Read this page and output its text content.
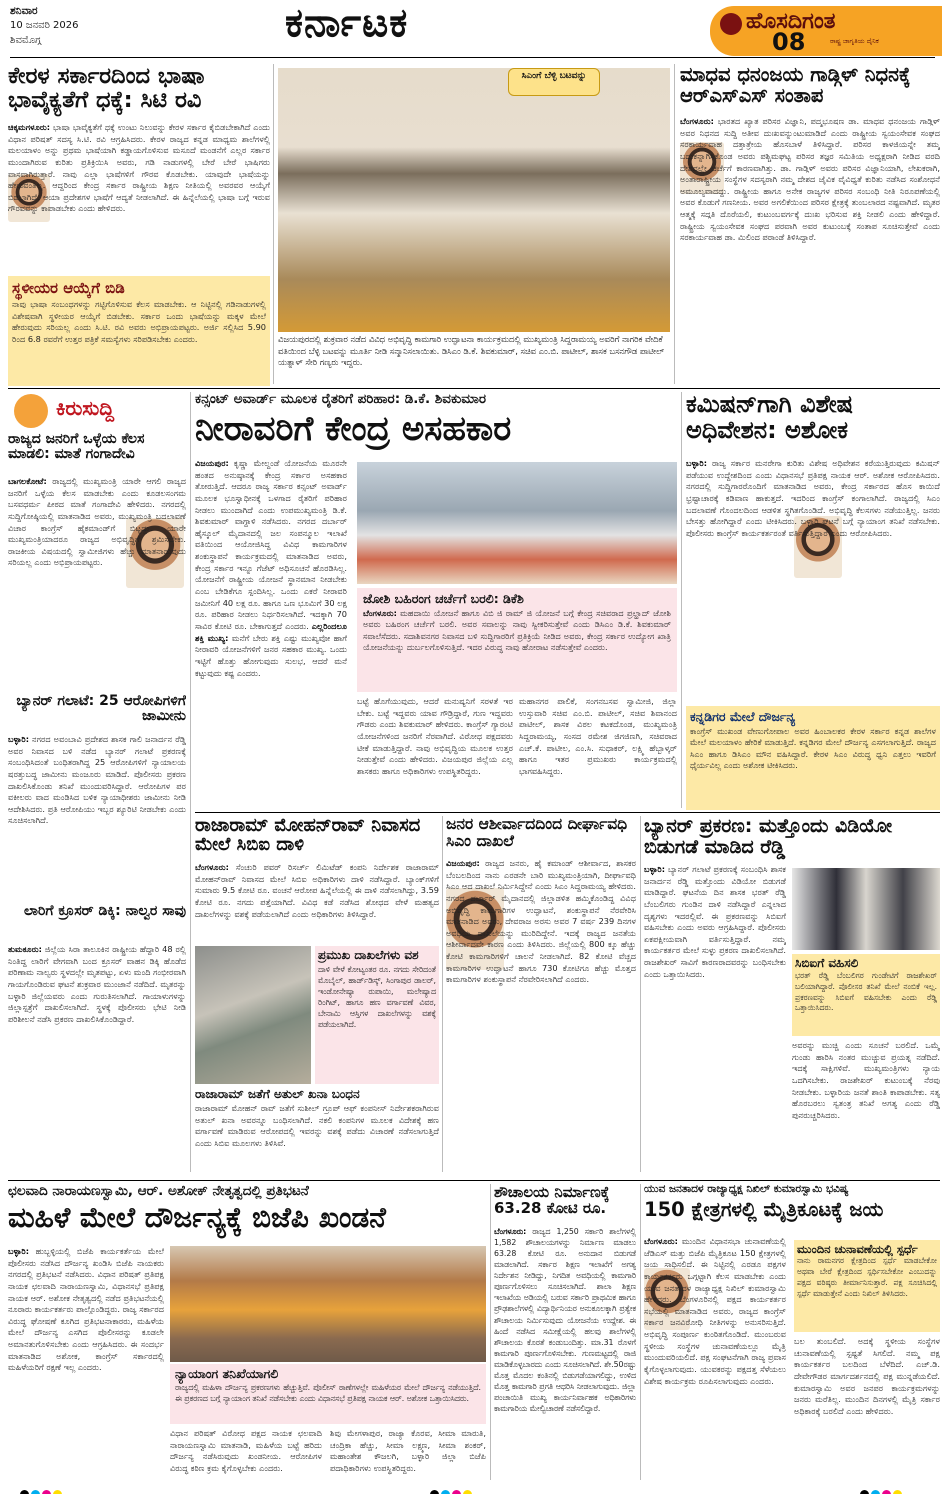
ಶನಿವಾರ
10 ಜನವರಿ 2026
ಶಿವಮೊಗ್ಗ	ಕರ್ನಾಟಕ	ಹೊಸದಿಗಂತ
ರಾಷ್ಟ್ರ ಜಾಗೃತಿಯ ದೈನಿಕ
08
ಕೇರಳ ಸರ್ಕಾರದಿಂದ ಭಾಷಾ ಭಾವೈಕ್ಯತೆಗೆ ಧಕ್ಕೆ: ಸಿಟಿ ರವಿ
ಚಿಕ್ಕಮಗಳೂರು: ಭಾಷಾ ಭಾವೈಕ್ಯತೆಗೆ ಧಕ್ಕೆ ಉಂಟು ನಿಲುವನ್ನು ಕೇರಳ ಸರ್ಕಾರ ಕೈಬಿಡಬೇಕಾಗಿದೆ ಎಂದು ವಿಧಾನ ಪರಿಷತ್ ಸದಸ್ಯ ಸಿ.ಟಿ. ರವಿ ಆಗ್ರಹಿಸಿದರು. ಕೇರಳ ರಾಜ್ಯದ ಕನ್ನಡ ಮಾಧ್ಯಮ ಶಾಲೆಗಳಲ್ಲಿ ಮಲಯಾಳಂ ಅನ್ನು ಪ್ರಥಮ ಭಾಷೆಯಾಗಿ ಕಡ್ಡಾಯಗೊಳಿಸುವ ಮಸೂದೆ ಮಂಡನೆಗೆ ಎಲ್ಲರ ಸರ್ಕಾರ ಮುಂದಾಗಿರುವ ಕುರಿತು ಪ್ರತಿಕ್ರಿಯಿಸಿ ಅವರು, ಗಡಿ ನಾಡುಗಳಲ್ಲಿ ಬೇರೆ ಬೇರೆ ಭಾಷಿಗರು ವಾಸವಾಗಿರುತ್ತಾರೆ. ನಾವು ಎಲ್ಲಾ ಭಾಷೆಗಳಿಗೆ ಗೌರವ ಕೊಡಬೇಕು. ಯಾವುದೇ ಭಾಷೆಯನ್ನು ಹೇರುವಂತಿಲ್ಲ. ಆದ್ದರಿಂದ ಕೇಂದ್ರ ಸರ್ಕಾರ ರಾಷ್ಟ್ರೀಯ ಶಿಕ್ಷಣ ನೀತಿಯಲ್ಲಿ ಅವರವರ ಆಯ್ಕೆಗೆ ಬಿಡಲಾಗಿದೆ. ಆಯಾ ಪ್ರದೇಶಗಳ ಭಾಷೆಗೆ ಆದ್ಯತೆ ನೀಡಲಾಗಿದೆ. ಈ ಹಿನ್ನೆಲೆಯಲ್ಲಿ ಭಾಷಾ ಬಗ್ಗೆ ಇರುವ ಗೌರವವನ್ನು ಕಾಪಾಡಬೇಕು ಎಂದು ಹೇಳಿದರು.
ಸ್ಥಳೀಯರ ಆಯ್ಕೆಗೆ ಬಿಡಿ
ನಾವು ಭಾಷಾ ಸಂಬಂಧಗಳನ್ನು ಗಟ್ಟಿಗೊಳಿಸುವ ಕೆಲಸ ಮಾಡಬೇಕು. ಆ ನಿಟ್ಟಿನಲ್ಲಿ ಗಡಿನಾಡುಗಳಲ್ಲಿ ವಿಶೇಷವಾಗಿ ಸ್ಥಳೀಯರ ಆಯ್ಕೆಗೆ ಬಿಡಬೇಕು. ಸರ್ಕಾರ ಒಂದು ಭಾಷೆಯನ್ನು ಮಕ್ಕಳ ಮೇಲೆ ಹೇರುವುದು ಸರಿಯಲ್ಲ ಎಂದು ಸಿ.ಟಿ. ರವಿ ಅವರು ಅಭಿಪ್ರಾಯಪಟ್ಟರು. ಅರ್ಜಿ ಸಲ್ಲಿಸಿದ 5.90 ರಿಂದ 6.8 ರವರೆಗೆ ಉತ್ತರ ಪತ್ರಿಕೆ ಸಮಸ್ಯೆಗಳು ಸರಿಪಡಿಸಬೇಕು ಎಂದರು.
ಸಿಎಂಗೆ ಬೆಳ್ಳಿ ಬಟವನ್ನು
ವಿಜಯಪುರದಲ್ಲಿ ಶುಕ್ರವಾರ ನಡೆದ ವಿವಿಧ ಅಭಿವೃದ್ಧಿ ಕಾಮಗಾರಿ ಉದ್ಘಾಟನಾ ಕಾರ್ಯಕ್ರಮದಲ್ಲಿ ಮುಖ್ಯಮಂತ್ರಿ ಸಿದ್ದರಾಮಯ್ಯ ಅವರಿಗೆ ನಾಗರಿಕ ವೇದಿಕೆ ವತಿಯಿಂದ ಬೆಳ್ಳಿ ಬಟವನ್ನು ಮೂರ್ತಿ ನೀಡಿ ಸನ್ಮಾನಿಸಲಾಯಿತು. ಡಿಸಿಎಂ ಡಿ.ಕೆ. ಶಿವಕುಮಾರ್, ಸಚಿವ ಎಂ.ಬಿ. ಪಾಟೀಲ್, ಶಾಸಕ ಬಸನಗೌಡ ಪಾಟೀಲ್ ಯತ್ನಾಳ್ ಸೇರಿ ಗಣ್ಯರು ಇದ್ದರು.
ಮಾಧವ ಧನಂಜಯ ಗಾಡ್ಗಿಳ್ ನಿಧನಕ್ಕೆ ಆರ್‌ಎಸ್‌ಎಸ್ ಸಂತಾಪ
ಬೆಂಗಳೂರು: ಭಾರತದ ಖ್ಯಾತ ಪರಿಸರ ವಿಜ್ಞಾನಿ, ಪದ್ಮಭೂಷಣ ಡಾ. ಮಾಧವ ಧನಂಜಯ ಗಾಡ್ಗಿಳ್ ಅವರ ನಿಧನದ ಸುದ್ದಿ ಅತೀವ ದುಃಖವನ್ನುಂಟುಮಾಡಿದೆ ಎಂದು ರಾಷ್ಟ್ರೀಯ ಸ್ವಯಂಸೇವಕ ಸಂಘದ ಸರಕಾರ್ಯವಾಹ ದತ್ತಾತ್ರೇಯ ಹೊಸಬಾಳೆ ತಿಳಿಸಿದ್ದಾರೆ. ಪರಿಸರ ಕಾಳಜಿಯನ್ನೇ ತಮ್ಮ ಬದುಕನ್ನಾಗಿಸಿಕೊಂಡ ಅವರು ಪಶ್ಚಿಮಘಟ್ಟ ಪರಿಸರ ತಜ್ಞರ ಸಮಿತಿಯ ಅಧ್ಯಕ್ಷರಾಗಿ ನೀಡಿದ ವರದಿ ದೇಶದಲ್ಲೇ ಚರ್ಚೆಗೆ ಕಾರಣವಾಗಿತ್ತು. ಡಾ. ಗಾಡ್ಗಿಳ್ ಅವರು ಪರಿಸರ ವಿಜ್ಞಾನಿಯಾಗಿ, ಲೇಖಕರಾಗಿ, ಅಂತಾರಾಷ್ಟ್ರೀಯ ಸಂಸ್ಥೆಗಳ ಸದಸ್ಯರಾಗಿ ನಮ್ಮ ದೇಶದ ಜೈವಿಕ ವೈವಿಧ್ಯತೆ ಕುರಿತು ನಡೆಸಿದ ಸಂಶೋಧನೆ ಅಮೂಲ್ಯವಾದದ್ದು. ರಾಷ್ಟ್ರೀಯ ಹಾಗೂ ಅನೇಕ ರಾಜ್ಯಗಳ ಪರಿಸರ ಸಂಬಂಧಿ ನೀತಿ ನಿರೂಪಣೆಯಲ್ಲಿ ಅವರ ಕೊಡುಗೆ ಗಣನೀಯ. ಅವರ ಅಗಲಿಕೆಯಿಂದ ಪರಿಸರ ಕ್ಷೇತ್ರಕ್ಕೆ ತುಂಬಲಾರದ ನಷ್ಟವಾಗಿದೆ. ಮೃತರ ಆತ್ಮಕ್ಕೆ ಸದ್ಗತಿ ದೊರೆಯಲಿ, ಕುಟುಂಬವರ್ಗಕ್ಕೆ ದುಃಖ ಭರಿಸುವ ಶಕ್ತಿ ನೀಡಲಿ ಎಂದು ಹೇಳಿದ್ದಾರೆ. ರಾಷ್ಟ್ರೀಯ ಸ್ವಯಂಸೇವಕ ಸಂಘದ ಪರವಾಗಿ ಅವರ ಕುಟುಂಬಕ್ಕೆ ಸಂತಾಪ ಸೂಚಿಸುತ್ತೇವೆ ಎಂದು ಸರಕಾರ್ಯವಾಹ ಡಾ. ಮಿಲಿಂದ ಪರಾಂಡೆ ತಿಳಿಸಿದ್ದಾರೆ.
ಕಿರುಸುದ್ದಿ
ರಾಜ್ಯದ ಜನರಿಗೆ ಒಳ್ಳೆಯ ಕೆಲಸ ಮಾಡಲಿ: ಮಾತೆ ಗಂಗಾದೇವಿ
ಬಾಗಲಕೋಟೆ: ರಾಜ್ಯದಲ್ಲಿ ಮುಖ್ಯಮಂತ್ರಿ ಯಾರೇ ಆಗಲಿ ರಾಜ್ಯದ ಜನರಿಗೆ ಒಳ್ಳೆಯ ಕೆಲಸ ಮಾಡಬೇಕು ಎಂದು ಕೂಡಲಸಂಗಮ ಬಸವಧರ್ಮ ಪೀಠದ ಮಾತೆ ಗಂಗಾದೇವಿ ಹೇಳಿದರು. ನಗರದಲ್ಲಿ ಸುದ್ದಿಗೋಷ್ಠಿಯಲ್ಲಿ ಮಾತನಾಡಿದ ಅವರು, ಮುಖ್ಯಮಂತ್ರಿ ಬದಲಾವಣೆ ವಿಚಾರ ಕಾಂಗ್ರೆಸ್ ಹೈಕಮಾಂಡ್‌ಗೆ ಬಿಟ್ಟದ್ದು. ಯಾರೇ ಮುಖ್ಯಮಂತ್ರಿಯಾದರೂ ರಾಜ್ಯದ ಅಭಿವೃದ್ಧಿಗೆ ಶ್ರಮಿಸಬೇಕು. ರಾಜಕೀಯ ವಿಷಯದಲ್ಲಿ ಸ್ವಾಮೀಜಿಗಳು ಹೆಚ್ಚು ಮಾತನಾಡುವುದು ಸರಿಯಲ್ಲ ಎಂದು ಅಭಿಪ್ರಾಯಪಟ್ಟರು.
ಬ್ಯಾನರ್ ಗಲಾಟೆ: 25 ಆರೋಪಿಗಳಿಗೆ ಜಾಮೀನು
ಬಳ್ಳಾರಿ: ನಗರದ ಅವಂಬಾವಿ ಪ್ರದೇಶದ ಶಾಸಕ ಗಾಲಿ ಜನಾರ್ದನ ರೆಡ್ಡಿ ಅವರ ನಿವಾಸದ ಬಳಿ ನಡೆದ ಬ್ಯಾನರ್ ಗಲಾಟೆ ಪ್ರಕರಣಕ್ಕೆ ಸಂಬಂಧಿಸಿದಂತೆ ಬಂಧಿತರಾಗಿದ್ದ 25 ಆರೋಪಿಗಳಿಗೆ ನ್ಯಾಯಾಲಯ ಷರತ್ತುಬದ್ಧ ಜಾಮೀನು ಮಂಜೂರು ಮಾಡಿದೆ. ಪೊಲೀಸರು ಪ್ರಕರಣ ದಾಖಲಿಸಿಕೊಂಡು ತನಿಖೆ ಮುಂದುವರಿಸಿದ್ದಾರೆ. ಆರೋಪಿಗಳ ಪರ ವಕೀಲರು ವಾದ ಮಂಡಿಸಿದ ಬಳಿಕ ನ್ಯಾಯಾಧೀಶರು ಜಾಮೀನು ನೀಡಿ ಆದೇಶಿಸಿದರು. ಪ್ರತಿ ಆರೋಪಿಯು ಇಬ್ಬರ ಶ್ಯೂರಿಟಿ ನೀಡಬೇಕು ಎಂದು ಸೂಚಿಸಲಾಗಿದೆ.
ಲಾರಿಗೆ ಕ್ರೂಸರ್ ಡಿಕ್ಕಿ: ನಾಲ್ವರ ಸಾವು
ತುಮಕೂರು: ಜಿಲ್ಲೆಯ ಸಿರಾ ತಾಲೂಕಿನ ರಾಷ್ಟ್ರೀಯ ಹೆದ್ದಾರಿ 48 ರಲ್ಲಿ ನಿಂತಿದ್ದ ಲಾರಿಗೆ ವೇಗವಾಗಿ ಬಂದ ಕ್ರೂಸರ್ ವಾಹನ ಡಿಕ್ಕಿ ಹೊಡೆದ ಪರಿಣಾಮ ನಾಲ್ವರು ಸ್ಥಳದಲ್ಲೇ ಮೃತಪಟ್ಟು, ಏಳು ಮಂದಿ ಗಂಭೀರವಾಗಿ ಗಾಯಗೊಂಡಿರುವ ಘಟನೆ ಶುಕ್ರವಾರ ಮುಂಜಾನೆ ನಡೆದಿದೆ. ಮೃತರನ್ನು ಬಳ್ಳಾರಿ ಜಿಲ್ಲೆಯವರು ಎಂದು ಗುರುತಿಸಲಾಗಿದೆ. ಗಾಯಾಳುಗಳನ್ನು ಜಿಲ್ಲಾಸ್ಪತ್ರೆಗೆ ದಾಖಲಿಸಲಾಗಿದೆ. ಸ್ಥಳಕ್ಕೆ ಪೊಲೀಸರು ಭೇಟಿ ನೀಡಿ ಪರಿಶೀಲನೆ ನಡೆಸಿ ಪ್ರಕರಣ ದಾಖಲಿಸಿಕೊಂಡಿದ್ದಾರೆ.
ಕನ್ಸಂಟ್ ಅವಾರ್ಡ್ ಮೂಲಕ ರೈತರಿಗೆ ಪರಿಹಾರ: ಡಿ.ಕೆ. ಶಿವಕುಮಾರ
ನೀರಾವರಿಗೆ ಕೇಂದ್ರ ಅಸಹಕಾರ
ವಿಜಯಪುರ: ಕೃಷ್ಣಾ ಮೇಲ್ದಂಡೆ ಯೋಜನೆಯ ಮೂರನೇ ಹಂತದ ಅನುಷ್ಠಾನಕ್ಕೆ ಕೇಂದ್ರ ಸರ್ಕಾರ ಅಸಹಕಾರ ತೋರುತ್ತಿದೆ. ಆದರೂ ರಾಜ್ಯ ಸರ್ಕಾರ ಕನ್ಸಂಟ್ ಅವಾರ್ಡ್ ಮೂಲಕ ಭೂಸ್ವಾಧೀನಕ್ಕೆ ಒಳಗಾದ ರೈತರಿಗೆ ಪರಿಹಾರ ನೀಡಲು ಮುಂದಾಗಿದೆ ಎಂದು ಉಪಮುಖ್ಯಮಂತ್ರಿ ಡಿ.ಕೆ. ಶಿವಕುಮಾರ್ ವಾಗ್ದಾಳಿ ನಡೆಸಿದರು. ನಗರದ ದರ್ಬಾರ್ ಹೈಸ್ಕೂಲ್ ಮೈದಾನದಲ್ಲಿ ಜಲ ಸಂಪನ್ಮೂಲ ಇಲಾಖೆ ವತಿಯಿಂದ ಆಯೋಜಿಸಿದ್ದ ವಿವಿಧ ಕಾಮಗಾರಿಗಳ ಶಂಕುಸ್ಥಾಪನೆ ಕಾರ್ಯಕ್ರಮದಲ್ಲಿ ಮಾತನಾಡಿದ ಅವರು, ಕೇಂದ್ರ ಸರ್ಕಾರ ಇನ್ನೂ ಗೆಜೆಟ್ ಅಧಿಸೂಚನೆ ಹೊರಡಿಸಿಲ್ಲ. ಯೋಜನೆಗೆ ರಾಷ್ಟ್ರೀಯ ಯೋಜನೆ ಸ್ಥಾನಮಾನ ನೀಡಬೇಕು ಎಂಬ ಬೇಡಿಕೆಗೂ ಸ್ಪಂದಿಸಿಲ್ಲ. ಒಂದು ಎಕರೆ ನೀರಾವರಿ ಜಮೀನಿಗೆ 40 ಲಕ್ಷ ರೂ. ಹಾಗೂ ಒಣ ಭೂಮಿಗೆ 30 ಲಕ್ಷ ರೂ. ಪರಿಹಾರ ನೀಡಲು ನಿರ್ಧರಿಸಲಾಗಿದೆ. ಇದಕ್ಕಾಗಿ 70 ಸಾವಿರ ಕೋಟಿ ರೂ. ಬೇಕಾಗುತ್ತದೆ ಎಂದರು. ಎಲ್ಲರಿಂದಲೂ ಶಕ್ತಿ ಮುಖ್ಯ: ಮನೆಗೆ ಬೇರು ಶಕ್ತಿ ಎಷ್ಟು ಮುಖ್ಯವೋ ಹಾಗೆ ನೀರಾವರಿ ಯೋಜನೆಗಳಿಗೆ ಜನರ ಸಹಕಾರ ಮುಖ್ಯ. ಒಂದು ಇಟ್ಟಿಗೆ ಹೊತ್ತು ಹೋಗುವುದು ಸುಲಭ, ಆದರೆ ಮನೆ ಕಟ್ಟುವುದು ಕಷ್ಟ ಎಂದರು.
ಜೋಶಿ ಬಹಿರಂಗ ಚರ್ಚೆಗೆ ಬರಲಿ: ಡಿಕೆಶಿ
ಬೆಂಗಳೂರು: ಮಹದಾಯಿ ಯೋಜನೆ ಹಾಗೂ ವಿಬಿ ಜಿ ರಾಮ್ ಜಿ ಯೋಜನೆ ಬಗ್ಗೆ ಕೇಂದ್ರ ಸಚಿವರಾದ ಪ್ರಲ್ಹಾದ್ ಜೋಶಿ ಅವರು ಬಹಿರಂಗ ಚರ್ಚೆಗೆ ಬರಲಿ. ಅವರ ಸವಾಲನ್ನು ನಾವು ಸ್ವೀಕರಿಸುತ್ತೇವೆ ಎಂದು ಡಿಸಿಎಂ ಡಿ.ಕೆ. ಶಿವಕುಮಾರ್ ಸವಾಲೆಸೆದರು. ಸದಾಶಿವನಗರ ನಿವಾಸದ ಬಳಿ ಸುದ್ದಿಗಾರರಿಗೆ ಪ್ರತಿಕ್ರಿಯೆ ನೀಡಿದ ಅವರು, ಕೇಂದ್ರ ಸರ್ಕಾರ ಉದ್ಯೋಗ ಖಾತ್ರಿ ಯೋಜನೆಯನ್ನು ದುರ್ಬಲಗೊಳಿಸುತ್ತಿದೆ. ಇದರ ವಿರುದ್ಧ ನಾವು ಹೋರಾಟ ನಡೆಸುತ್ತೇವೆ ಎಂದರು.
ಬಟ್ಟೆ ಹೊಗೆಯುವುದು, ಆದರೆ ಮನುಷ್ಯನಿಗೆ ಸರಳತೆ ಇರ ಬೇಕು. ಬಟ್ಟೆ ಇದ್ದವರು ಯಾವ ಗೌಡ್ರಿದ್ದಾರೆ, ಗುಣ ಇದ್ದವರು ಗೌಡರು ಎಂದು ಶಿವಕುಮಾರ್ ಹೇಳಿದರು. ಕಾಂಗ್ರೆಸ್ ಗ್ಯಾರಂಟಿ ಯೋಜನೆಗಳಿಂದ ಜನರಿಗೆ ನೆರವಾಗಿದೆ. ವಿರೋಧ ಪಕ್ಷದವರು ಟೀಕೆ ಮಾಡುತ್ತಿದ್ದಾರೆ. ನಾವು ಅಭಿವೃದ್ಧಿಯ ಮೂಲಕ ಉತ್ತರ ನೀಡುತ್ತೇವೆ ಎಂದು ಹೇಳಿದರು. ವಿಜಯಪುರ ಜಿಲ್ಲೆಯ ಎಲ್ಲ ಶಾಸಕರು ಹಾಗೂ ಅಧಿಕಾರಿಗಳು ಉಪಸ್ಥಿತರಿದ್ದರು.
ಮಹಾನಗರ ಪಾಲಿಕೆ, ಸಂಗನಬಸವ ಸ್ವಾಮೀಜಿ, ಜಿಲ್ಲಾ ಉಸ್ತುವಾರಿ ಸಚಿವ ಎಂ.ಬಿ. ಪಾಟೀಲ್, ಸಚಿವ ಶಿವಾನಂದ ಪಾಟೀಲ್, ಶಾಸಕ ವಿಠಲ ಕಟಕದೊಂಡ, ಮುಖ್ಯಮಂತ್ರಿ ಸಿದ್ದರಾಮಯ್ಯ, ಸಂಸದ ರಮೇಶ ಜಿಗಜಿಣಗಿ, ಸಚಿವರಾದ ಎಚ್.ಕೆ. ಪಾಟೀಲ, ಎಂ.ಸಿ. ಸುಧಾಕರ್, ಲಕ್ಷ್ಮಿ ಹೆಬ್ಬಾಳ್ಕರ್ ಹಾಗೂ ಇತರ ಪ್ರಮುಖರು ಕಾರ್ಯಕ್ರಮದಲ್ಲಿ ಭಾಗವಹಿಸಿದ್ದರು.
ಕಮಿಷನ್‌ಗಾಗಿ ವಿಶೇಷ ಅಧಿವೇಶನ: ಅಶೋಕ
ಬಳ್ಳಾರಿ: ರಾಜ್ಯ ಸರ್ಕಾರ ಮನರೇಗಾ ಕುರಿತು ವಿಶೇಷ ಅಧಿವೇಶನ ಕರೆಯುತ್ತಿರುವುದು ಕಮಿಷನ್ ಪಡೆಯುವ ಉದ್ದೇಶದಿಂದ ಎಂದು ವಿಧಾನಸಭೆ ಪ್ರತಿಪಕ್ಷ ನಾಯಕ ಆರ್. ಅಶೋಕ ಆರೋಪಿಸಿದರು. ನಗರದಲ್ಲಿ ಸುದ್ದಿಗಾರರೊಂದಿಗೆ ಮಾತನಾಡಿದ ಅವರು, ಕೇಂದ್ರ ಸರ್ಕಾರದ ಹೊಸ ಕಾಯಿದೆ ಭ್ರಷ್ಟಾಚಾರಕ್ಕೆ ಕಡಿವಾಣ ಹಾಕುತ್ತದೆ. ಇದರಿಂದ ಕಾಂಗ್ರೆಸ್ ಕಂಗಾಲಾಗಿದೆ. ರಾಜ್ಯದಲ್ಲಿ ಸಿಎಂ ಬದಲಾವಣೆ ಗೊಂದಲದಿಂದ ಆಡಳಿತ ಸ್ಥಗಿತಗೊಂಡಿದೆ. ಅಭಿವೃದ್ಧಿ ಕೆಲಸಗಳು ನಡೆಯುತ್ತಿಲ್ಲ. ಜನರು ಬೇಸತ್ತು ಹೋಗಿದ್ದಾರೆ ಎಂದು ಟೀಕಿಸಿದರು. ಬಳ್ಳಾರಿ ಘಟನೆ ಬಗ್ಗೆ ನ್ಯಾಯಾಂಗ ತನಿಖೆ ನಡೆಸಬೇಕು. ಪೊಲೀಸರು ಕಾಂಗ್ರೆಸ್ ಕಾರ್ಯಕರ್ತರಂತೆ ವರ್ತಿಸುತ್ತಿದ್ದಾರೆ ಎಂದು ಆರೋಪಿಸಿದರು.
ಕನ್ನಡಿಗರ ಮೇಲೆ ದೌರ್ಜನ್ಯ
ಕಾಂಗ್ರೆಸ್ ಮುಖಂಡ ವೇಣುಗೋಪಾಲ ಅವರ ಹಿಂಬಾಲಕರ ಕೇರಳ ಸರ್ಕಾರ ಕನ್ನಡ ಶಾಲೆಗಳ ಮೇಲೆ ಮಲಯಾಳಂ ಹೇರಿಕೆ ಮಾಡುತ್ತಿದೆ. ಕನ್ನಡಿಗರ ಮೇಲೆ ದೌರ್ಜನ್ಯ ಎಸಗಲಾಗುತ್ತಿದೆ. ರಾಜ್ಯದ ಸಿಎಂ ಹಾಗೂ ಡಿಸಿಎಂ ಮೌನ ವಹಿಸಿದ್ದಾರೆ. ಕೇರಳ ಸಿಎಂ ವಿರುದ್ಧ ಧ್ವನಿ ಎತ್ತಲು ಇವರಿಗೆ ಧೈರ್ಯವಿಲ್ಲ ಎಂದು ಅಶೋಕ ಟೀಕಿಸಿದರು.
ರಾಜಾರಾಮ್ ಮೋಹನ್‌ರಾವ್ ನಿವಾಸದ ಮೇಲೆ ಸಿಬಿಐ ದಾಳಿ
ಬೆಂಗಳೂರು: ಸೆಂಚುರಿ ಪವರ್ ರಿಸರ್ಚ್ ಲಿಮಿಟೆಡ್ ಕಂಪನಿ ನಿರ್ದೇಶಕ ರಾಜಾರಾಮ್ ಮೋಹನ್‌ರಾವ್ ನಿವಾಸದ ಮೇಲೆ ಸಿಬಿಐ ಅಧಿಕಾರಿಗಳು ದಾಳಿ ನಡೆಸಿದ್ದಾರೆ. ಬ್ಯಾಂಕ್‌ಗಳಿಗೆ ಸುಮಾರು 9.5 ಕೋಟಿ ರೂ. ವಂಚನೆ ಆರೋಪ ಹಿನ್ನೆಲೆಯಲ್ಲಿ ಈ ದಾಳಿ ನಡೆಸಲಾಗಿದ್ದು, 3.59 ಕೋಟಿ ರೂ. ನಗದು ಪತ್ತೆಯಾಗಿದೆ. ವಿವಿಧ ಕಡೆ ನಡೆಸಿದ ಶೋಧದ ವೇಳೆ ಮಹತ್ವದ ದಾಖಲೆಗಳನ್ನು ವಶಕ್ಕೆ ಪಡೆಯಲಾಗಿದೆ ಎಂದು ಅಧಿಕಾರಿಗಳು ತಿಳಿಸಿದ್ದಾರೆ.
ಪ್ರಮುಖ ದಾಖಲೆಗಳು ವಶ
ದಾಳಿ ವೇಳೆ ಕೋಟ್ಯಂತರ ರೂ. ನಗದು ಸೇರಿದಂತೆ ಮೊಬೈಲ್, ಹಾರ್ಡ್‌ಡಿಸ್ಕ್, ಸಿಂಗಾಪುರ ಡಾಲರ್, ಇಂಡೋನೇಷ್ಯಾ ರುಪಾಯಿ, ಮಲೇಷ್ಯಾದ ರಿಂಗಿಟ್, ಹಾಗೂ ಹಣ ವರ್ಗಾವಣೆ ವಿವರ, ಬೇನಾಮಿ ಆಸ್ತಿಗಳ ದಾಖಲೆಗಳನ್ನು ವಶಕ್ಕೆ ಪಡೆಯಲಾಗಿದೆ.
ರಾಜಾರಾಮ್ ಜತೆಗೆ ಅತುಲ್ ಖನಾ ಬಂಧನ
ರಾಜಾರಾಮ್ ಮೋಹನ್ ರಾವ್ ಜತೆಗೆ ಸುಶೀಲ್ ಗ್ರೂಪ್ ಆಫ್ ಕಂಪನೀಸ್ ನಿರ್ದೇಶಕರಾಗಿರುವ ಅತುಲ್ ಖನಾ ಅವರನ್ನೂ ಬಂಧಿಸಲಾಗಿದೆ. ನಕಲಿ ಕಂಪನಿಗಳ ಮೂಲಕ ವಿದೇಶಕ್ಕೆ ಹಣ ವರ್ಗಾವಣೆ ಮಾಡಿರುವ ಆರೋಪದಲ್ಲಿ ಇವರನ್ನು ವಶಕ್ಕೆ ಪಡೆದು ವಿಚಾರಣೆ ನಡೆಸಲಾಗುತ್ತಿದೆ ಎಂದು ಸಿಬಿಐ ಮೂಲಗಳು ತಿಳಿಸಿವೆ.
ಜನರ ಆಶೀರ್ವಾದದಿಂದ ದೀರ್ಘಾವಧಿ ಸಿಎಂ ದಾಖಲೆ
ವಿಜಯಪುರ: ರಾಜ್ಯದ ಜನರು, ಹೈ ಕಮಾಂಡ್ ಆಶೀರ್ವಾದ, ಶಾಸಕರ ಬೆಂಬಲದಿಂದ ನಾನು ಎರಡನೇ ಬಾರಿ ಮುಖ್ಯಮಂತ್ರಿಯಾಗಿ, ದೀರ್ಘಾವಧಿ ಸಿಎಂ ಆದ ದಾಖಲೆ ನಿರ್ಮಿಸಿದ್ದೇನೆ ಎಂದು ಸಿಎಂ ಸಿದ್ದರಾಮಯ್ಯ ಹೇಳಿದರು. ನಗರದ ದರ್ಬಾರ್ ಮೈದಾನದಲ್ಲಿ ಜಿಲ್ಲಾಡಳಿತ ಹಮ್ಮಿಕೊಂಡಿದ್ದ ವಿವಿಧ ಅಭಿವೃದ್ಧಿ ಕಾಮಗಾರಿಗಳ ಉದ್ಘಾಟನೆ, ಶಂಕುಸ್ಥಾಪನೆ ನೆರವೇರಿಸಿ ಮಾತನಾಡಿದ ಅವರು, ದೇವರಾಜ ಅರಸು ಅವರ 7 ವರ್ಷ 239 ದಿನಗಳ ಅವಧಿಯ ದಾಖಲೆಯನ್ನು ಮುರಿದಿದ್ದೇನೆ. ಇದಕ್ಕೆ ರಾಜ್ಯದ ಜನತೆಯ ಆಶೀರ್ವಾದವೇ ಕಾರಣ ಎಂದು ತಿಳಿಸಿದರು. ಜಿಲ್ಲೆಯಲ್ಲಿ 800 ಕ್ಕೂ ಹೆಚ್ಚು ಕೋಟಿ ಕಾಮಗಾರಿಗಳಿಗೆ ಚಾಲನೆ ನೀಡಲಾಗಿದೆ. 82 ಕೋಟಿ ವೆಚ್ಚದ ಕಾಮಗಾರಿಗಳ ಉದ್ಘಾಟನೆ ಹಾಗೂ 730 ಕೋಟಿಗೂ ಹೆಚ್ಚು ಮೊತ್ತದ ಕಾಮಗಾರಿಗಳ ಶಂಕುಸ್ಥಾಪನೆ ನೆರವೇರಿಸಲಾಗಿದೆ ಎಂದರು.
ಬ್ಯಾನರ್ ಪ್ರಕರಣ: ಮತ್ತೊಂದು ವಿಡಿಯೋ ಬಿಡುಗಡೆ ಮಾಡಿದ ರೆಡ್ಡಿ
ಬಳ್ಳಾರಿ: ಬ್ಯಾನರ್ ಗಲಾಟೆ ಪ್ರಕರಣಕ್ಕೆ ಸಂಬಂಧಿಸಿ ಶಾಸಕ ಜನಾರ್ದನ ರೆಡ್ಡಿ ಮತ್ತೊಂದು ವಿಡಿಯೋ ಬಿಡುಗಡೆ ಮಾಡಿದ್ದಾರೆ. ಘಟನೆಯ ದಿನ ಶಾಸಕ ಭರತ್ ರೆಡ್ಡಿ ಬೆಂಬಲಿಗರು ಗುಂಡಿನ ದಾಳಿ ನಡೆಸಿದ್ದಾರೆ ಎನ್ನಲಾದ ದೃಶ್ಯಗಳು ಇದರಲ್ಲಿವೆ. ಈ ಪ್ರಕರಣವನ್ನು ಸಿಬಿಐಗೆ ವಹಿಸಬೇಕು ಎಂದು ಅವರು ಆಗ್ರಹಿಸಿದ್ದಾರೆ. ಪೊಲೀಸರು ಏಕಪಕ್ಷೀಯವಾಗಿ ವರ್ತಿಸುತ್ತಿದ್ದಾರೆ. ನಮ್ಮ ಕಾರ್ಯಕರ್ತರ ಮೇಲೆ ಸುಳ್ಳು ಪ್ರಕರಣ ದಾಖಲಿಸಲಾಗಿದೆ. ರಾಜಶೇಖರ್ ಸಾವಿಗೆ ಕಾರಣರಾದವರನ್ನು ಬಂಧಿಸಬೇಕು ಎಂದು ಒತ್ತಾಯಿಸಿದರು.
ಸಿಬಿಐಗೆ ವಹಿಸಲಿ
ಭರತ್ ರೆಡ್ಡಿ ಬೆಂಬಲಿಗರ ಗುಂಡೇಟಿಗೆ ರಾಜಶೇಖರ್ ಬಲಿಯಾಗಿದ್ದಾರೆ. ಪೊಲೀಸರ ತನಿಖೆ ಮೇಲೆ ನಂಬಿಕೆ ಇಲ್ಲ. ಪ್ರಕರಣವನ್ನು ಸಿಬಿಐಗೆ ವಹಿಸಬೇಕು ಎಂದು ರೆಡ್ಡಿ ಒತ್ತಾಯಿಸಿದರು.
ಅವರನ್ನು ಮುಚ್ಚಿ ಎಂದು ಸೂಚನೆ ಬರಲಿದೆ. ಒಮ್ಮೆ ಗುಂಡು ಹಾರಿಸಿ ನಂತರ ಮುಚ್ಚುವ ಪ್ರಯತ್ನ ನಡೆದಿದೆ. ಇದಕ್ಕೆ ಸಾಕ್ಷಿಗಳಿವೆ. ಮುಖ್ಯಮಂತ್ರಿಗಳು ನ್ಯಾಯ ಒದಗಿಸಬೇಕು. ರಾಜಶೇಖರ್ ಕುಟುಂಬಕ್ಕೆ ನೆರವು ನೀಡಬೇಕು. ಬಳ್ಳಾರಿಯ ಜನತೆ ಶಾಂತಿ ಕಾಪಾಡಬೇಕು. ಸತ್ಯ ಹೊರಬರಲು ಸ್ವತಂತ್ರ ತನಿಖೆ ಅಗತ್ಯ ಎಂದು ರೆಡ್ಡಿ ಪುನರುಚ್ಚರಿಸಿದರು.
ಛಲವಾದಿ ನಾರಾಯಣಸ್ವಾಮಿ, ಆರ್. ಅಶೋಕ್ ನೇತೃತ್ವದಲ್ಲಿ ಪ್ರತಿಭಟನೆ
ಮಹಿಳೆ ಮೇಲೆ ದೌರ್ಜನ್ಯಕ್ಕೆ ಬಿಜೆಪಿ ಖಂಡನೆ
ಬಳ್ಳಾರಿ: ಹುಬ್ಬಳ್ಳಿಯಲ್ಲಿ ಬಿಜೆಪಿ ಕಾರ್ಯಕರ್ತೆಯ ಮೇಲೆ ಪೊಲೀಸರು ನಡೆಸಿದ ದೌರ್ಜನ್ಯ ಖಂಡಿಸಿ ಬಿಜೆಪಿ ನಾಯಕರು ನಗರದಲ್ಲಿ ಪ್ರತಿಭಟನೆ ನಡೆಸಿದರು. ವಿಧಾನ ಪರಿಷತ್ ಪ್ರತಿಪಕ್ಷ ನಾಯಕ ಛಲವಾದಿ ನಾರಾಯಣಸ್ವಾಮಿ, ವಿಧಾನಸಭೆ ಪ್ರತಿಪಕ್ಷ ನಾಯಕ ಆರ್. ಅಶೋಕ ನೇತೃತ್ವದಲ್ಲಿ ನಡೆದ ಪ್ರತಿಭಟನೆಯಲ್ಲಿ ನೂರಾರು ಕಾರ್ಯಕರ್ತರು ಪಾಲ್ಗೊಂಡಿದ್ದರು. ರಾಜ್ಯ ಸರ್ಕಾರದ ವಿರುದ್ಧ ಘೋಷಣೆ ಕೂಗಿದ ಪ್ರತಿಭಟನಾಕಾರರು, ಮಹಿಳೆಯ ಮೇಲೆ ದೌರ್ಜನ್ಯ ಎಸಗಿದ ಪೊಲೀಸರನ್ನು ಕೂಡಲೇ ಅಮಾನತುಗೊಳಿಸಬೇಕು ಎಂದು ಆಗ್ರಹಿಸಿದರು. ಈ ಸಂದರ್ಭ ಮಾತನಾಡಿದ ಅಶೋಕ, ಕಾಂಗ್ರೆಸ್ ಸರ್ಕಾರದಲ್ಲಿ ಮಹಿಳೆಯರಿಗೆ ರಕ್ಷಣೆ ಇಲ್ಲ ಎಂದರು.	ನ್ಯಾಯಾಂಗ ತನಿಖೆಯಾಗಲಿ
ರಾಜ್ಯದಲ್ಲಿ ಮಹಿಳಾ ದೌರ್ಜನ್ಯ ಪ್ರಕರಣಗಳು ಹೆಚ್ಚುತ್ತಿವೆ. ಪೊಲೀಸ್ ಠಾಣೆಗಳಲ್ಲೇ ಮಹಿಳೆಯರ ಮೇಲೆ ದೌರ್ಜನ್ಯ ನಡೆಯುತ್ತಿದೆ. ಈ ಪ್ರಕರಣದ ಬಗ್ಗೆ ನ್ಯಾಯಾಂಗ ತನಿಖೆ ನಡೆಸಬೇಕು ಎಂದು ವಿಧಾನಸಭೆ ಪ್ರತಿಪಕ್ಷ ನಾಯಕ ಆರ್. ಅಶೋಕ ಒತ್ತಾಯಿಸಿದರು.
ವಿಧಾನ ಪರಿಷತ್ ವಿರೋಧ ಪಕ್ಷದ ನಾಯಕ ಛಲವಾದಿ ನಾರಾಯಣಸ್ವಾಮಿ ಮಾತನಾಡಿ, ಮಹಿಳೆಯ ಬಟ್ಟೆ ಹರಿದು ದೌರ್ಜನ್ಯ ನಡೆಸಿರುವುದು ಖಂಡನೀಯ. ಆರೋಪಿಗಳ ವಿರುದ್ಧ ಕಠಿಣ ಕ್ರಮ ಕೈಗೊಳ್ಳಬೇಕು ಎಂದರು.
ಶಿವು ಮೇಗಳಾಪುರ, ರಾಜ್ಯಾ ಕೊರವ, ಸೀಮಾ ಮಾರುತಿ, ಚಂದ್ರಿಕಾ ಹೆಚ್ಚು, ಸೀಮಾ ಲಕ್ಷ್ಮಣ, ಸೀಮಾ ಶಂಕರ್, ಮಹಾಂತೇಶ ಕೌಜಲಗಿ, ಬಳ್ಳಾರಿ ಜಿಲ್ಲಾ ಬಿಜೆಪಿ ಪದಾಧಿಕಾರಿಗಳು ಉಪಸ್ಥಿತರಿದ್ದರು.
ಶೌಚಾಲಯ ನಿರ್ಮಾಣಕ್ಕೆ 63.28 ಕೋಟಿ ರೂ.
ಬೆಂಗಳೂರು: ರಾಜ್ಯದ 1,250 ಸರ್ಕಾರಿ ಶಾಲೆಗಳಲ್ಲಿ 1,582 ಶೌಚಾಲಯಗಳನ್ನು ನಿರ್ಮಾಣ ಮಾಡಲು 63.28 ಕೋಟಿ ರೂ. ಅನುದಾನ ಬಿಡುಗಡೆ ಮಾಡಲಾಗಿದೆ. ಸರ್ಕಾರ ಶಿಕ್ಷಣ ಇಲಾಖೆಗೆ ಅಗತ್ಯ ನಿರ್ದೇಶನ ನೀಡಿದ್ದು, ನಿಗದಿತ ಅವಧಿಯಲ್ಲಿ ಕಾಮಗಾರಿ ಪೂರ್ಣಗೊಳಿಸಲು ಸೂಚಿಸಲಾಗಿದೆ. ಶಾಲಾ ಶಿಕ್ಷಣ ಇಲಾಖೆಯ ಅಡಿಯಲ್ಲಿ ಬರುವ ಸರ್ಕಾರಿ ಪ್ರಾಥಮಿಕ ಹಾಗೂ ಪ್ರೌಢಶಾಲೆಗಳಲ್ಲಿ ವಿದ್ಯಾರ್ಥಿನಿಯರ ಅನುಕೂಲಕ್ಕಾಗಿ ಪ್ರತ್ಯೇಕ ಶೌಚಾಲಯ ನಿರ್ಮಿಸುವುದು ಯೋಜನೆಯ ಉದ್ದೇಶ. ಈ ಹಿಂದೆ ನಡೆಸಿದ ಸಮೀಕ್ಷೆಯಲ್ಲಿ ಹಲವು ಶಾಲೆಗಳಲ್ಲಿ ಶೌಚಾಲಯ ಕೊರತೆ ಕಂಡುಬಂದಿತ್ತು. ಮಾ.31 ರೊಳಗೆ ಕಾಮಗಾರಿ ಪೂರ್ಣಗೊಳಿಸಬೇಕು. ಗುಣಮಟ್ಟದಲ್ಲಿ ರಾಜಿ ಮಾಡಿಕೊಳ್ಳಬಾರದು ಎಂದು ಸೂಚಿಸಲಾಗಿದೆ. ಶೇ.50ರಷ್ಟು ಮೊತ್ತ ಮೊದಲ ಕಂತಿನಲ್ಲಿ ಬಿಡುಗಡೆಯಾಗಲಿದ್ದು, ಉಳಿದ ಮೊತ್ತ ಕಾಮಗಾರಿ ಪ್ರಗತಿ ಆಧರಿಸಿ ನೀಡಲಾಗುವುದು. ಜಿಲ್ಲಾ ಪಂಚಾಯಿತಿ ಮುಖ್ಯ ಕಾರ್ಯನಿರ್ವಾಹಕ ಅಧಿಕಾರಿಗಳು ಕಾಮಗಾರಿಯ ಮೇಲ್ವಿಚಾರಣೆ ನಡೆಸಲಿದ್ದಾರೆ.
ಯುವ ಜನತಾದಳ ರಾಜ್ಯಾಧ್ಯಕ್ಷ ನಿಖಿಲ್ ಕುಮಾರಸ್ವಾಮಿ ಭವಿಷ್ಯ
150 ಕ್ಷೇತ್ರಗಳಲ್ಲಿ ಮೈತ್ರಿಕೂಟಕ್ಕೆ ಜಯ
ಬೆಂಗಳೂರು: ಮುಂದಿನ ವಿಧಾನಸಭಾ ಚುನಾವಣೆಯಲ್ಲಿ ಜೆಡಿಎಸ್ ಮತ್ತು ಬಿಜೆಪಿ ಮೈತ್ರಿಕೂಟ 150 ಕ್ಷೇತ್ರಗಳಲ್ಲಿ ಜಯ ಸಾಧಿಸಲಿದೆ. ಈ ನಿಟ್ಟಿನಲ್ಲಿ ಎರಡೂ ಪಕ್ಷಗಳ ಕಾರ್ಯಕರ್ತರು ಒಗ್ಗಟ್ಟಾಗಿ ಕೆಲಸ ಮಾಡಬೇಕು ಎಂದು ಯುವ ಜನತಾದಳ ರಾಜ್ಯಾಧ್ಯಕ್ಷ ನಿಖಿಲ್ ಕುಮಾರಸ್ವಾಮಿ ಹೇಳಿದರು. ಬೆಂಗಳೂರಿನಲ್ಲಿ ಪಕ್ಷದ ಕಾರ್ಯಕರ್ತರ ಸಭೆಯಲ್ಲಿ ಮಾತನಾಡಿದ ಅವರು, ರಾಜ್ಯದ ಕಾಂಗ್ರೆಸ್ ಸರ್ಕಾರ ಜನವಿರೋಧಿ ನೀತಿಗಳನ್ನು ಅನುಸರಿಸುತ್ತಿದೆ. ಅಭಿವೃದ್ಧಿ ಸಂಪೂರ್ಣ ಕುಂಠಿತಗೊಂಡಿದೆ. ಮುಂಬರುವ ಸ್ಥಳೀಯ ಸಂಸ್ಥೆಗಳ ಚುನಾವಣೆಯಲ್ಲೂ ಮೈತ್ರಿ ಮುಂದುವರಿಯಲಿದೆ. ಪಕ್ಷ ಸಂಘಟನೆಗಾಗಿ ರಾಜ್ಯ ಪ್ರವಾಸ ಕೈಗೊಳ್ಳಲಾಗುವುದು. ಯುವಕರನ್ನು ಪಕ್ಷದತ್ತ ಸೆಳೆಯಲು ವಿಶೇಷ ಕಾರ್ಯಕ್ರಮ ರೂಪಿಸಲಾಗುವುದು ಎಂದರು.
ಮುಂದಿನ ಚುನಾವಣೆಯಲ್ಲಿ ಸ್ಪರ್ಧೆ
ನಾನು ರಾಮನಗರ ಕ್ಷೇತ್ರದಿಂದ ಸ್ಪರ್ಧೆ ಮಾಡಬೇಕೋ ಅಥವಾ ಬೇರೆ ಕ್ಷೇತ್ರದಿಂದ ಸ್ಪರ್ಧಿಸಬೇಕೋ ಎಂಬುದನ್ನು ಪಕ್ಷದ ವರಿಷ್ಠರು ತೀರ್ಮಾನಿಸುತ್ತಾರೆ. ಪಕ್ಷ ಸೂಚಿಸಿದಲ್ಲಿ ಸ್ಪರ್ಧೆ ಮಾಡುತ್ತೇನೆ ಎಂದು ನಿಖಿಲ್ ತಿಳಿಸಿದರು.
ಬಲ ತುಂಬಲಿದೆ. ಅದಕ್ಕೆ ಸ್ಥಳೀಯ ಸಂಸ್ಥೆಗಳ ಚುನಾವಣೆಯಲ್ಲಿ ಸ್ಪಷ್ಟತೆ ಸಿಗಲಿದೆ. ನಮ್ಮ ಪಕ್ಷ ಕಾರ್ಯಕರ್ತರ ಬಲದಿಂದ ಬೆಳೆದಿದೆ. ಎಚ್.ಡಿ. ದೇವೇಗೌಡರ ಮಾರ್ಗದರ್ಶನದಲ್ಲಿ ಪಕ್ಷ ಮುನ್ನಡೆಯಲಿದೆ. ಕುಮಾರಸ್ವಾಮಿ ಅವರ ಜನಪರ ಕಾರ್ಯಕ್ರಮಗಳನ್ನು ಜನರು ಮರೆತಿಲ್ಲ. ಮುಂದಿನ ದಿನಗಳಲ್ಲಿ ಮೈತ್ರಿ ಸರ್ಕಾರ ಅಧಿಕಾರಕ್ಕೆ ಬರಲಿದೆ ಎಂದು ಹೇಳಿದರು.
